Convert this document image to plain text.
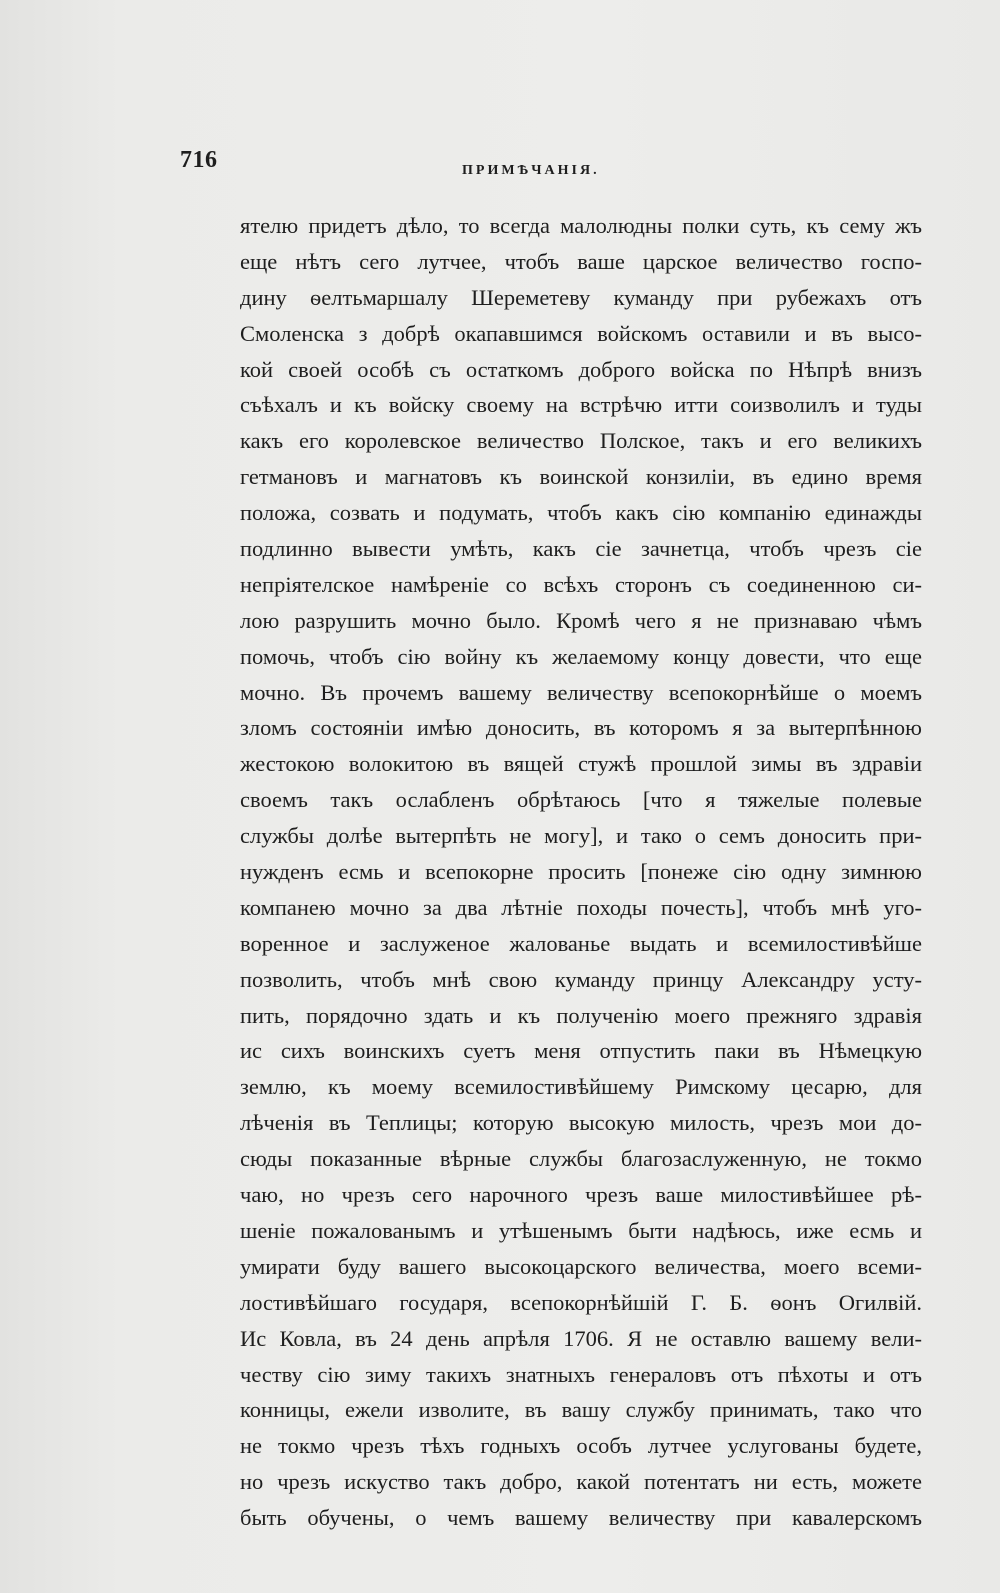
716	ПРИМѢЧАНІЯ.
ятелю придетъ дѣло, то всегда малолюдны полки суть, къ сему жъ
еще нѣтъ сего лутчее, чтобъ ваше царское величество госпо-
дину ѳелтьмаршалу Шереметеву куманду при рубежахъ отъ
Смоленска з добрѣ окапавшимся войскомъ оставили и въ высо-
кой своей особѣ съ остаткомъ доброго войска по Нѣпрѣ внизъ
съѣхалъ и къ войску своему на встрѣчю итти соизволилъ и туды
какъ его королевское величество Полское, такъ и его великихъ
гетмановъ и магнатовъ къ воинской конзиліи, въ едино время
положа, созвать и подумать, чтобъ какъ сію компанію единажды
подлинно вывести умѣть, какъ сіе зачнетца, чтобъ чрезъ сіе
непріятелское намѣреніе со всѣхъ сторонъ съ соединенною си-
лою разрушить мочно было. Кромѣ чего я не признаваю чѣмъ
помочь, чтобъ сію войну къ желаемому концу довести, что еще
мочно. Въ прочемъ вашему величеству всепокорнѣйше о моемъ
зломъ состояніи имѣю доносить, въ которомъ я за вытерпѣнною
жестокою волокитою въ вящей стужѣ прошлой зимы въ здравіи
своемъ такъ ослабленъ обрѣтаюсь [что я тяжелые полевые
службы долѣе вытерпѣть не могу], и тако о семъ доносить при-
нужденъ есмь и всепокорне просить [понеже сію одну зимнюю
компанею мочно за два лѣтніе походы почесть], чтобъ мнѣ уго-
воренное и заслуженое жалованье выдать и всемилостивѣйше
позволить, чтобъ мнѣ свою куманду принцу Александру усту-
пить, порядочно здать и къ полученію моего прежняго здравія
ис сихъ воинскихъ суетъ меня отпустить паки въ Нѣмецкую
землю, къ моему всемилостивѣйшему Римскому цесарю, для
лѣченія въ Теплицы; которую высокую милость, чрезъ мои до-
сюды показанные вѣрные службы благозаслуженную, не токмо
чаю, но чрезъ сего нарочного чрезъ ваше милостивѣйшее рѣ-
шеніе пожалованымъ и утѣшенымъ быти надѣюсь, иже есмь и
умирати буду вашего высокоцарского величества, моего всеми-
лостивѣйшаго государя, всепокорнѣйшій Г. Б. ѳонъ Огилвій.
Ис Ковла, въ 24 день апрѣля 1706. Я не оставлю вашему вели-
честву сію зиму такихъ знатныхъ генераловъ отъ пѣхоты и отъ
конницы, ежели изволите, въ вашу службу принимать, тако что
не токмо чрезъ тѣхъ годныхъ особъ лутчее услугованы будете,
но чрезъ искуство такъ добро, какой потентатъ ни есть, можете
быть обучены, о чемъ вашему величеству при кавалерскомъ
